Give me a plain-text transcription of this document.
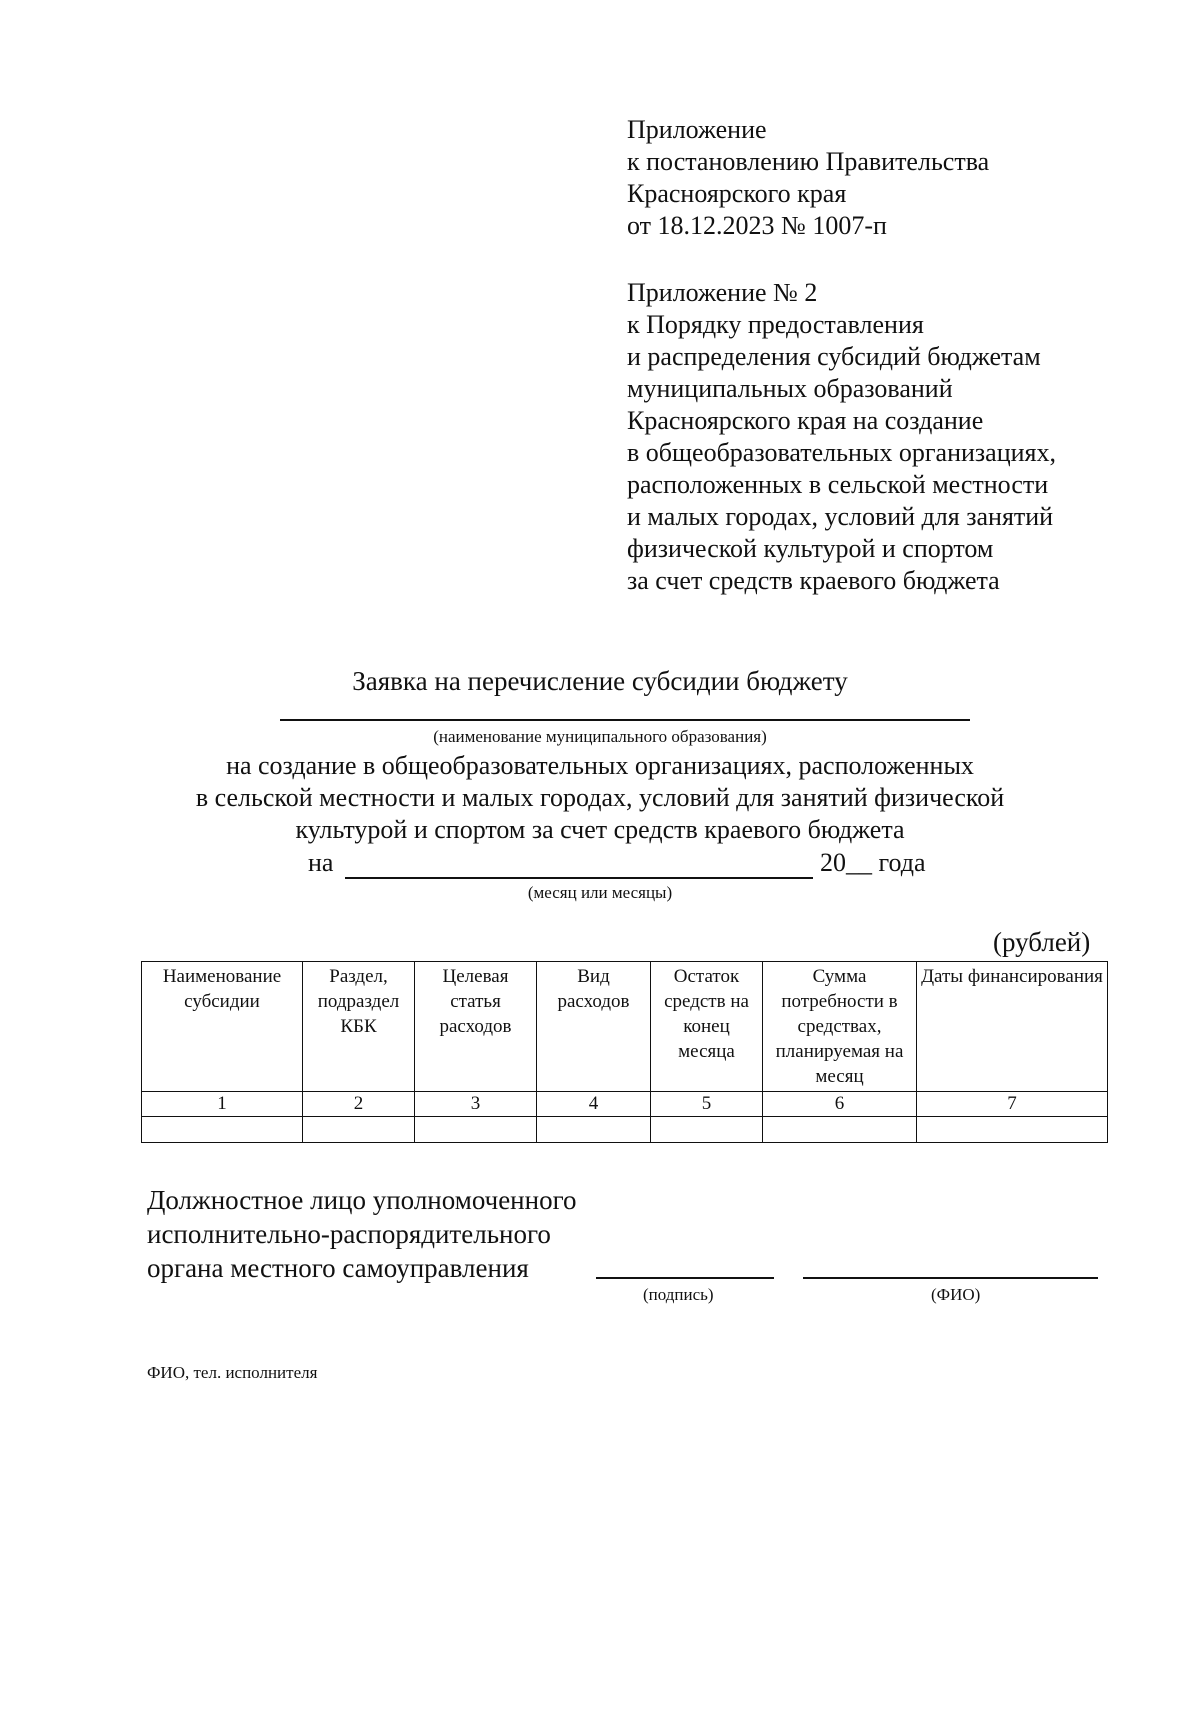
Приложение
к постановлению Правительства
Красноярского края
от 18.12.2023 № 1007-п
Приложение № 2
к Порядку предоставления
и распределения субсидий бюджетам
муниципальных образований
Красноярского края на создание
в общеобразовательных организациях,
расположенных в сельской местности
и малых городах, условий для занятий
физической культурой и спортом
за счет средств краевого бюджета
Заявка на перечисление субсидии бюджету
(наименование муниципального образования)
на создание в общеобразовательных организациях, расположенных
в сельской местности и малых городах, условий для занятий физической
культурой и спортом за счет средств краевого бюджета
на	20__ года
(месяц или месяцы)
(рублей)
Наименование субсидии	Раздел, подраздел КБК	Целевая статья расходов	Вид расходов	Остаток средств на конец месяца	Сумма потребности в средствах, планируемая на месяц	Даты финансирования
1	2	3	4	5	6	7

Должностное лицо уполномоченного
исполнительно-распорядительного
органа местного самоуправления
(подпись)	(ФИО)
ФИО, тел. исполнителя
